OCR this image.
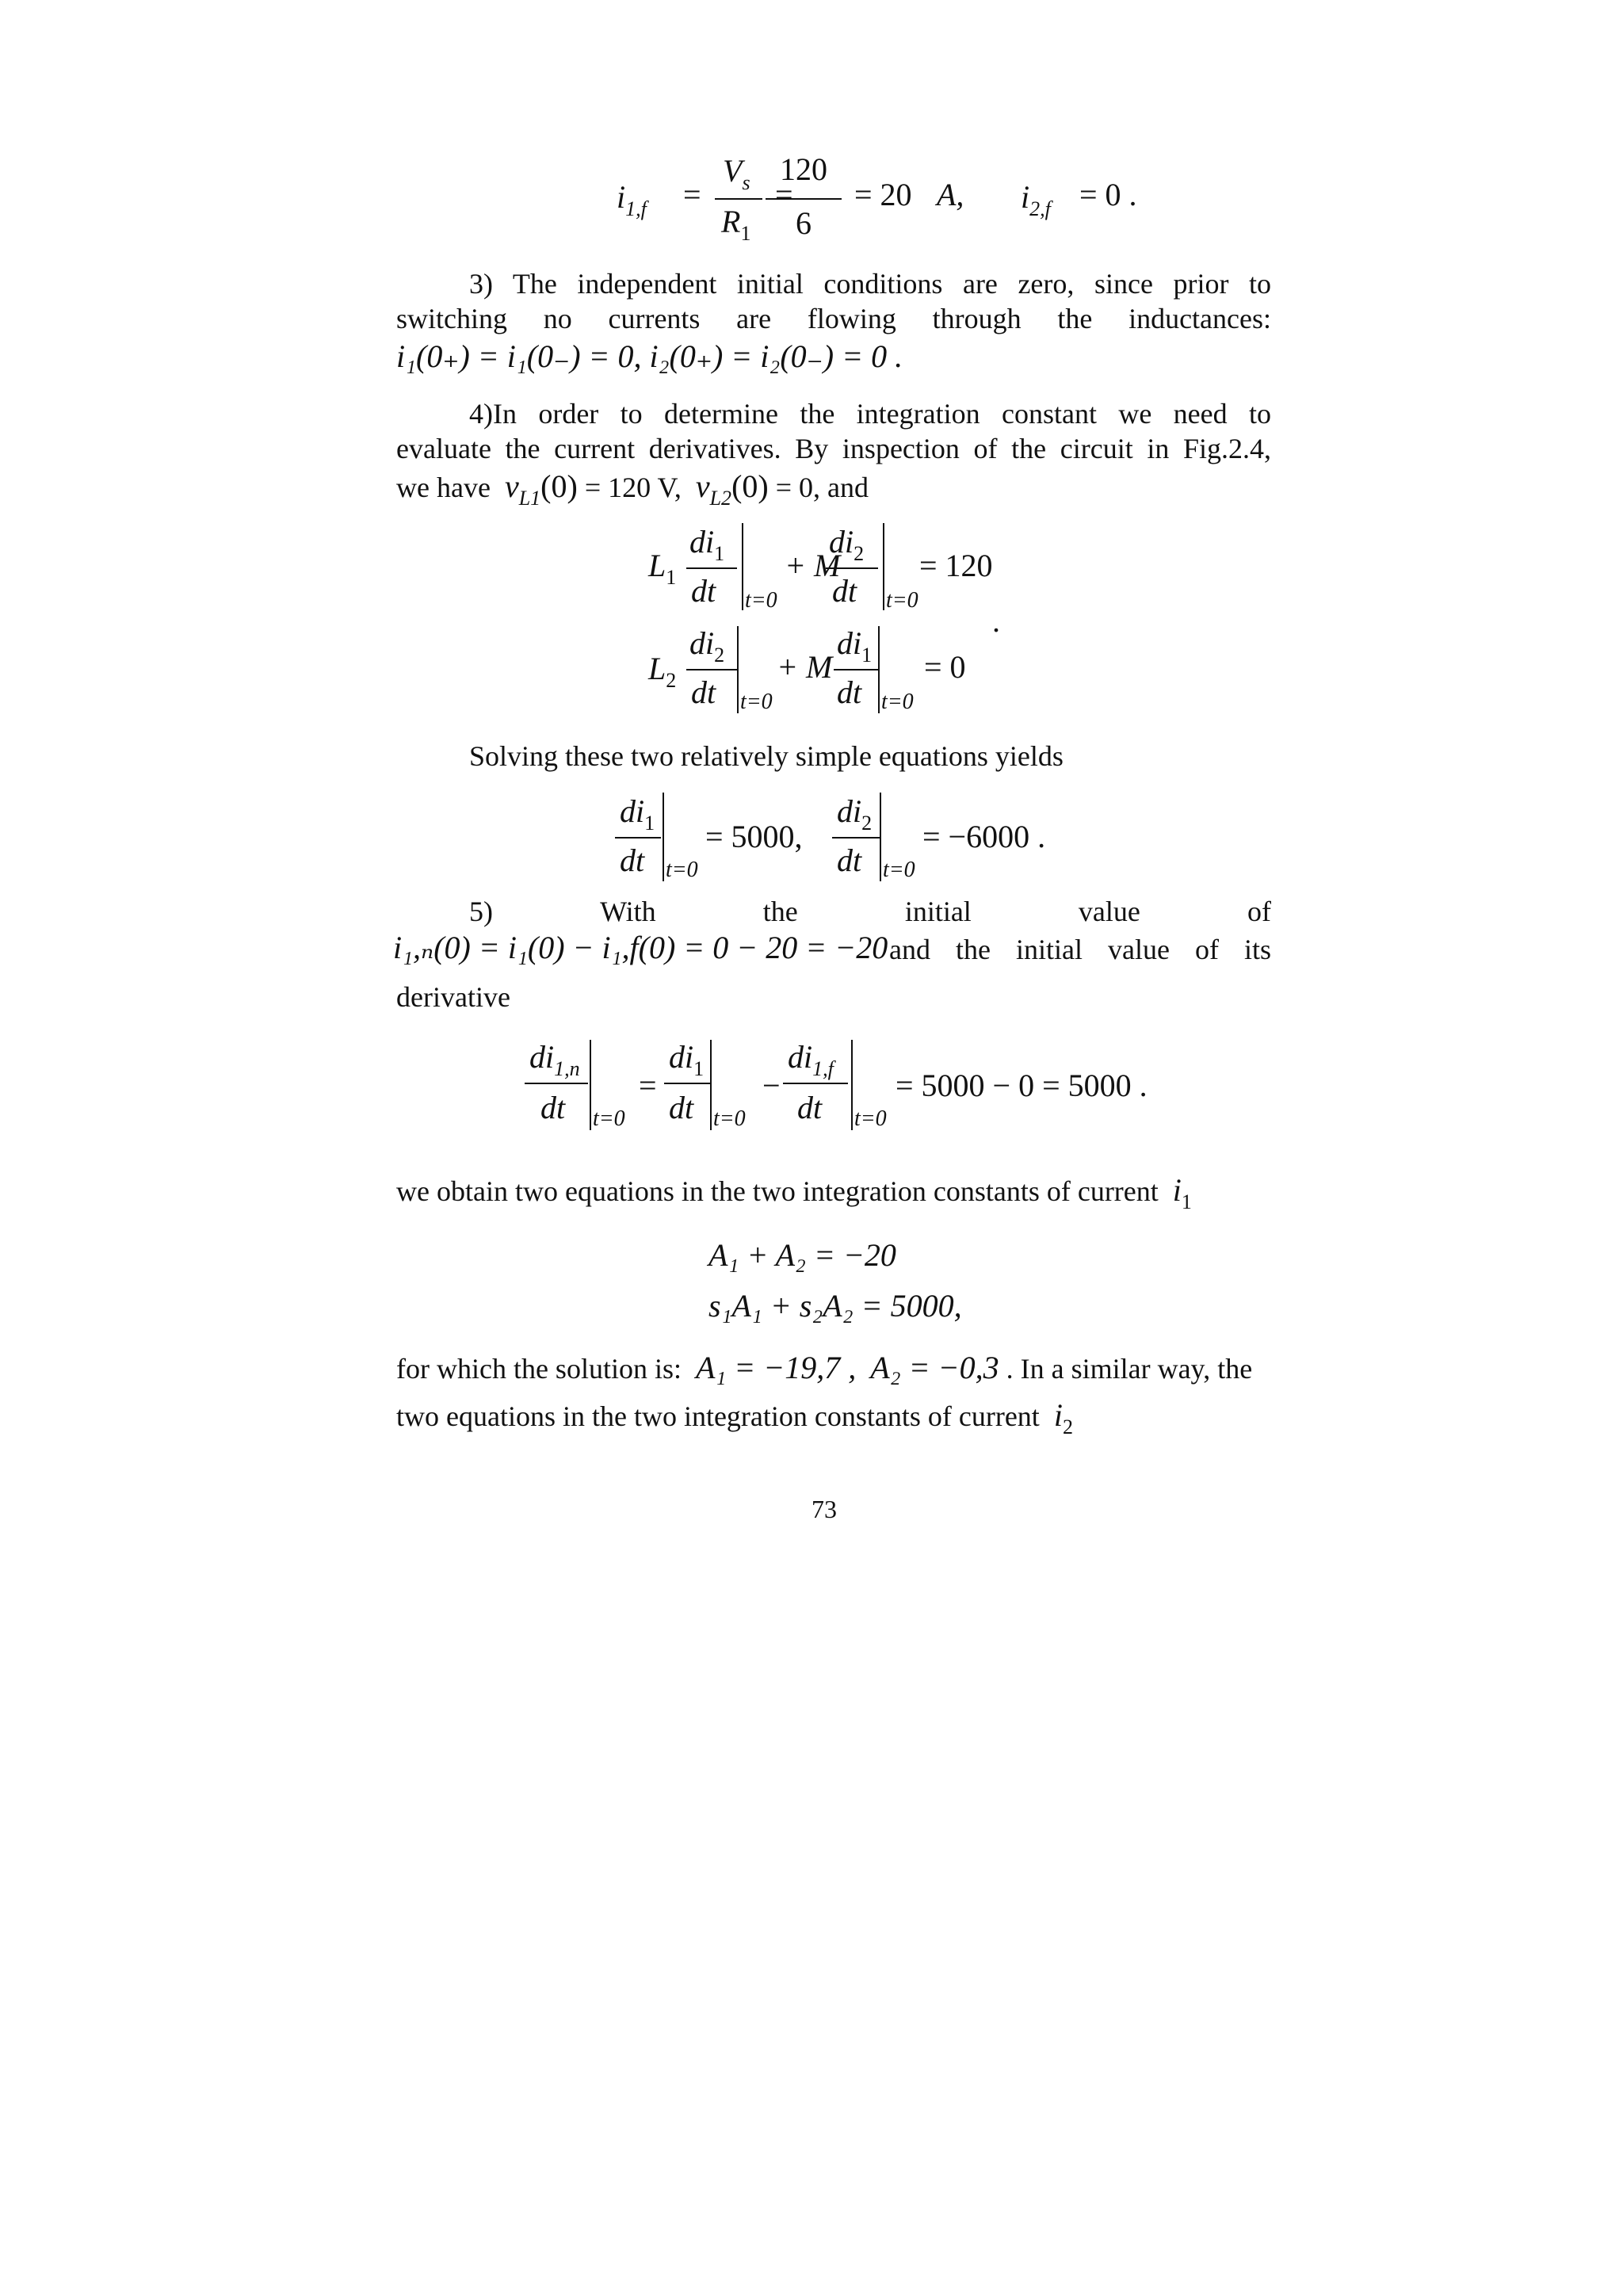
$i_{1,f}$ =
$V_s$
$R_1$
=
120
6
= 20 A, $i_{2,f} = 0$ .
3) The independent initial conditions are zero, since prior to
switching no currents are flowing through the inductances:
i₁(0₊) = i₁(0₋) = 0, i₂(0₊) = i₂(0₋) = 0 .
4)In order to determine the integration constant we need to
evaluate the current derivatives. By inspection of the circuit in Fig.2.4,
we have $v_{L1}(0) = 120$ V, $v_{L2}(0) = 0$, and
$L_1$
$di_1$
dt t=0
+ M
$di_2$
dt t=0
= 120
.
$L_2$
$di_2$
dt t=0
+ M
$di_1$
dt t=0
= 0
Solving these two relatively simple equations yields
$di_1$
dt t=0
= 5000,
$di_2$
dt t=0
= −6000 .
5)	With	the	initial	value	of
i₁,ₙ(0) = i₁(0) − i₁,f(0) = 0 − 20 = −20 and the initial value of its
derivative
$di_{1,n}$
dt t=0
=
$di_1$
dt t=0
−
$di_{1,f}$
dt t=0
= 5000 − 0 = 5000 .
we obtain two equations in the two integration constants of current $i_1$
A₁ + A₂ = −20
s₁A₁ + s₂A₂ = 5000,
for which the solution is: A₁ = −19,7 , A₂ = −0,3 . In a similar way, the
two equations in the two integration constants of current $i_2$
73
